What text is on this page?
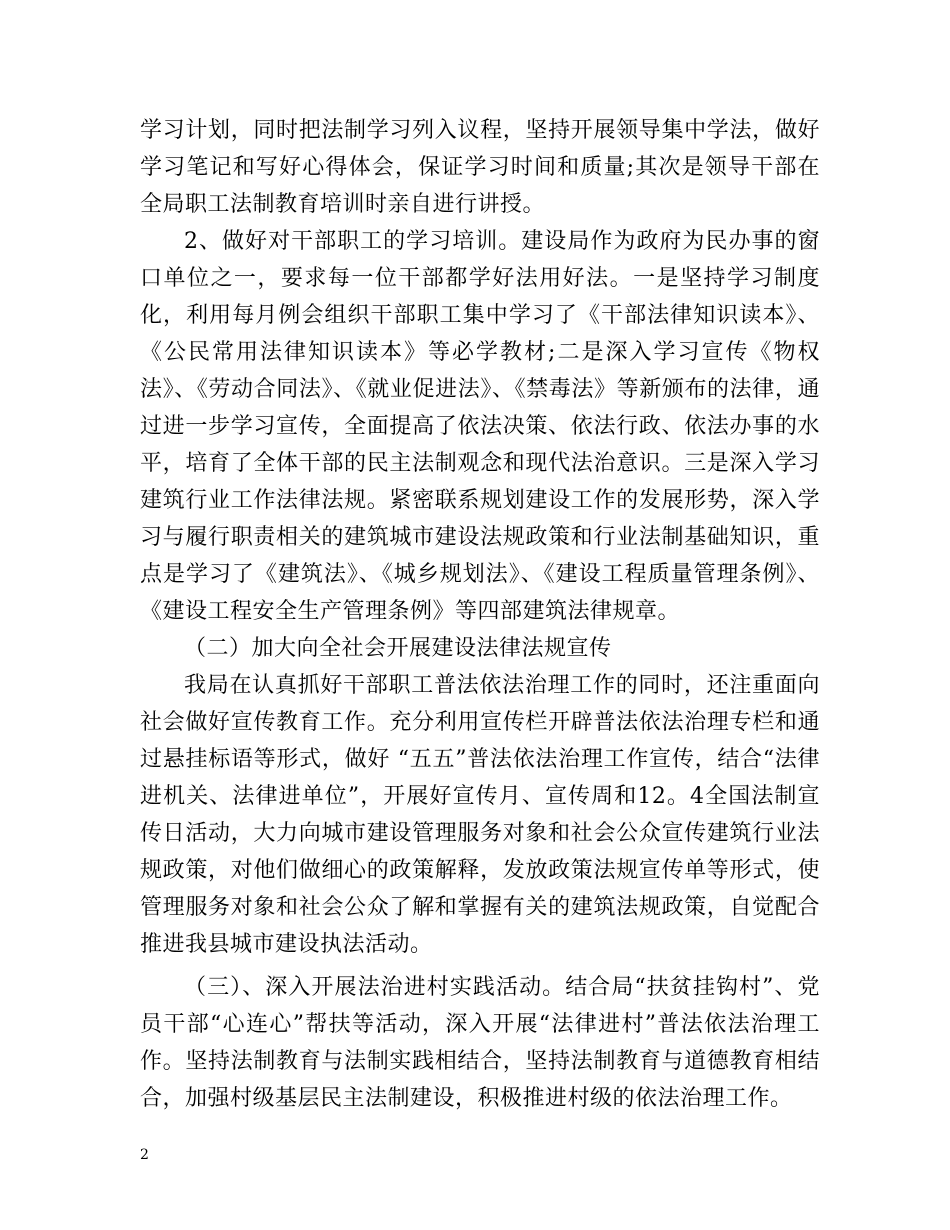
学习计划，同时把法制学习列入议程，坚持开展领导集中学法，做好学习笔记和写好心得体会，保证学习时间和质量;其次是领导干部在全局职工法制教育培训时亲自进行讲授。

2、做好对干部职工的学习培训。建设局作为政府为民办事的窗口单位之一，要求每一位干部都学好法用好法。一是坚持学习制度化，利用每月例会组织干部职工集中学习了《干部法律知识读本》、《公民常用法律知识读本》等必学教材;二是深入学习宣传《物权法》、《劳动合同法》、《就业促进法》、《禁毒法》等新颁布的法律，通过进一步学习宣传，全面提高了依法决策、依法行政、依法办事的水平，培育了全体干部的民主法制观念和现代法治意识。三是深入学习建筑行业工作法律法规。紧密联系规划建设工作的发展形势，深入学习与履行职责相关的建筑城市建设法规政策和行业法制基础知识，重点是学习了《建筑法》、《城乡规划法》、《建设工程质量管理条例》、《建设工程安全生产管理条例》等四部建筑法律规章。

（二）加大向全社会开展建设法律法规宣传

我局在认真抓好干部职工普法依法治理工作的同时，还注重面向社会做好宣传教育工作。充分利用宣传栏开辟普法依法治理专栏和通过悬挂标语等形式，做好 “五五”普法依法治理工作宣传，结合“法律进机关、法律进单位”，开展好宣传月、宣传周和12。4全国法制宣传日活动，大力向城市建设管理服务对象和社会公众宣传建筑行业法规政策，对他们做细心的政策解释，发放政策法规宣传单等形式，使管理服务对象和社会公众了解和掌握有关的建筑法规政策，自觉配合推进我县城市建设执法活动。

（三）、深入开展法治进村实践活动。结合局“扶贫挂钩村”、党员干部“心连心”帮扶等活动，深入开展“法律进村”普法依法治理工作。坚持法制教育与法制实践相结合，坚持法制教育与道德教育相结合，加强村级基层民主法制建设，积极推进村级的依法治理工作。

2
